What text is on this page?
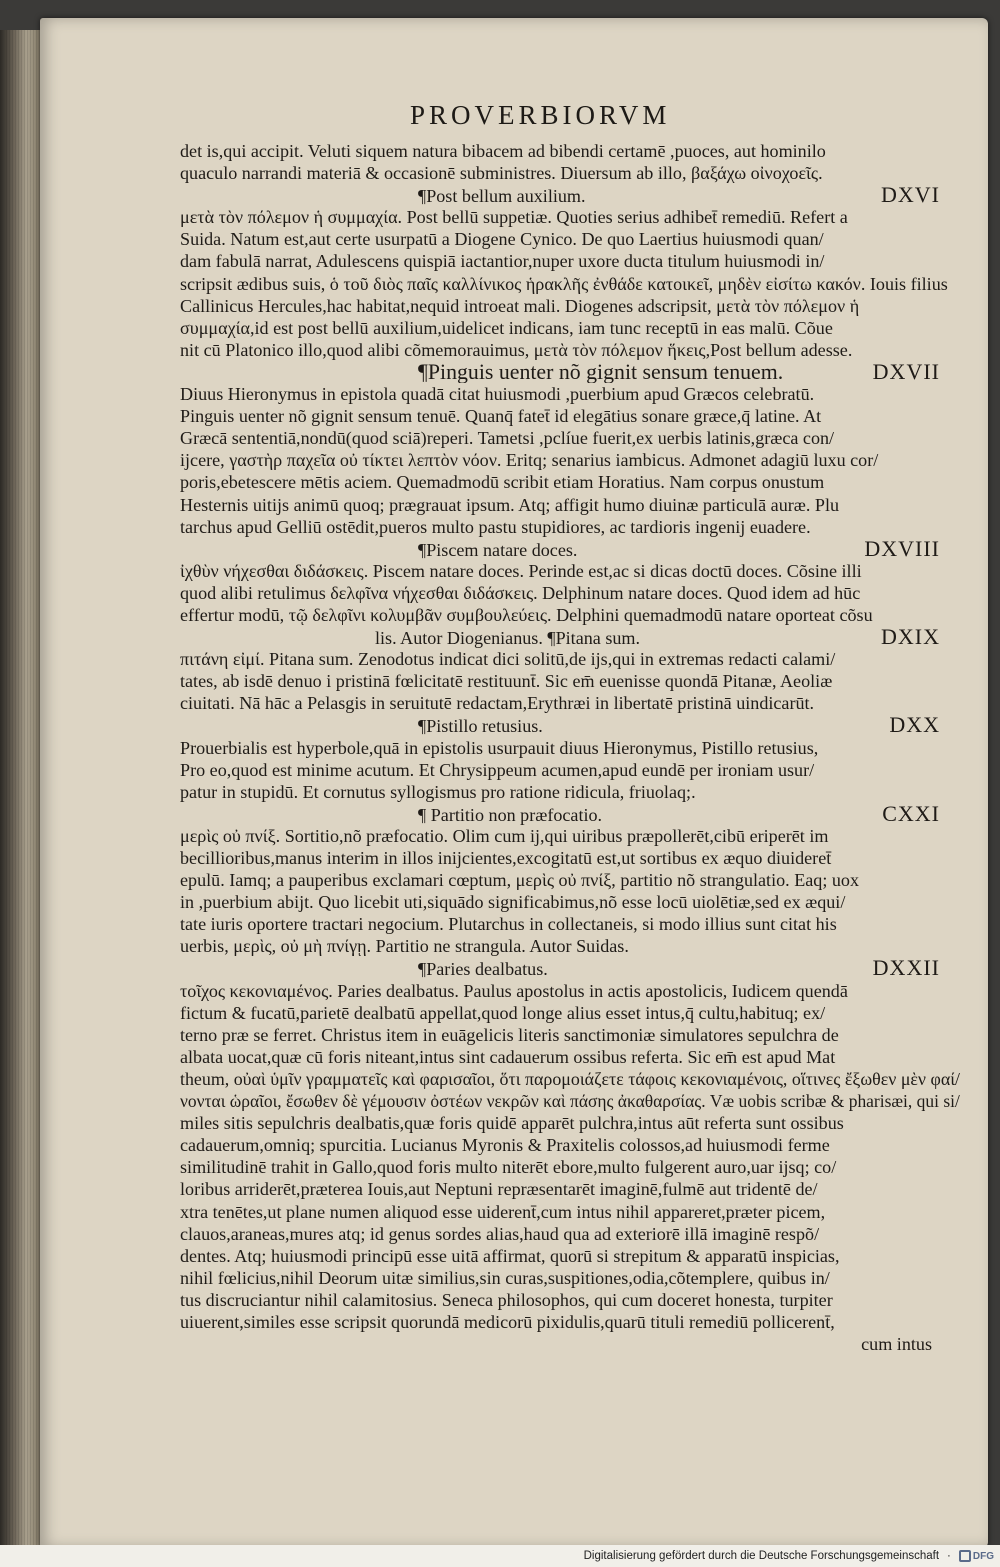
PROVERBIORVM
det is,qui accipit. Veluti siquem natura bibacem ad bibendi certamē ,puoces, aut hominilo
quaculo narrandi materiā & occasionē subministres. Diuersum ab illo, βαξάχω οἰνοχοεῖς.
¶Post bellum auxilium.	DXVI
μετὰ τὸν πόλεμον ἡ συμμαχία. Post bellū suppetiæ. Quoties serius adhibet̄ remediū. Refert a
Suida. Natum est,aut certe usurpatū a Diogene Cynico. De quo Laertius huiusmodi quan/
dam fabulā narrat, Adulescens quispiā iactantior,nuper uxore ducta titulum huiusmodi in/
scripsit ædibus suis, ὁ τοῦ διὸς παῖς καλλίνικος ἡρακλῆς ἐνθάδε κατοικεῖ, μηδὲν εἰσίτω κακόν. Iouis filius
Callinicus Hercules,hac habitat,nequid introeat mali. Diogenes adscripsit, μετὰ τὸν πόλεμον ἡ
συμμαχία,id est post bellū auxilium,uidelicet indicans, iam tunc receptū in eas malū. Cõue
nit cū Platonico illo,quod alibi cõmemorauimus, μετὰ τὸν πόλεμον ἥκεις,Post bellum adesse.
¶Pinguis uenter nõ gignit sensum tenuem.	DXVII
Diuus Hieronymus in epistola quadā citat huiusmodi ,puerbium apud Græcos celebratū.
Pinguis uenter nõ gignit sensum tenuē. Quanq̄ fatet̄ id elegātius sonare græce,q̄ latine. At
Græcā sententiā,nondū(quod sciā)reperi. Tametsi ,pclíue fuerit,ex uerbis latinis,græca con/
ijcere, γαστὴρ παχεῖα οὐ τίκτει λεπτὸν νόον. Eritq; senarius iambicus. Admonet adagiū luxu cor/
poris,ebetescere mētis aciem. Quemadmodū scribit etiam Horatius. Nam corpus onustum
Hesternis uitijs animū quoq; prægrauat ipsum. Atq; affigit humo diuinæ particulā auræ. Plu
tarchus apud Gelliū ostēdit,pueros multo pastu stupidiores, ac tardioris ingenij euadere.
¶Piscem natare doces.	DXVIII
ἰχθὺν νήχεσθαι διδάσκεις. Piscem natare doces. Perinde est,ac si dicas doctū doces. Cõsine illi
quod alibi retulimus δελφῖνα νήχεσθαι διδάσκεις. Delphinum natare doces. Quod idem ad hūc
effertur modū, τῷ δελφῖνι κολυμβᾶν συμβουλεύεις. Delphini quemadmodū natare oporteat cõsu
lis. Autor Diogenianus. ¶Pitana sum.	DXIX
πιτάνη εἰμί. Pitana sum. Zenodotus indicat dici solitū,de ijs,qui in extremas redacti calami/
tates, ab isdē denuo i pristinā fœlicitatē restituunt̄. Sic em̄ euenisse quondā Pitanæ, Aeoliæ
ciuitati. Nā hāc a Pelasgis in seruitutē redactam,Erythræi in libertatē pristinā uindicarūt.
¶Pistillo retusius.	DXX
Prouerbialis est hyperbole,quā in epistolis usurpauit diuus Hieronymus, Pistillo retusius,
Pro eo,quod est minime acutum. Et Chrysippeum acumen,apud eundē per ironiam usur/
patur in stupidū. Et cornutus syllogismus pro ratione ridicula, friuolaq;.
¶ Partitio non præfocatio.	CXXI
μερὶς οὐ πνίξ. Sortitio,nõ præfocatio. Olim cum ij,qui uiribus præpollerēt,cibū eriperēt im
becillioribus,manus interim in illos inijcientes,excogitatū est,ut sortibus ex æquo diuideret̄
epulū. Iamq; a pauperibus exclamari cœptum, μερὶς οὐ πνίξ, partitio nõ strangulatio. Eaq; uox
in ,puerbium abijt. Quo licebit uti,siquādo significabimus,nõ esse locū uiolētiæ,sed ex æqui/
tate iuris oportere tractari negocium. Plutarchus in collectaneis, si modo illius sunt citat his
uerbis, μερὶς, οὐ μὴ πνίγῃ. Partitio ne strangula. Autor Suidas.
¶Paries dealbatus.	DXXII
τοῖχος κεκονιαμένος. Paries dealbatus. Paulus apostolus in actis apostolicis, Iudicem quendā
fictum & fucatū,parietē dealbatū appellat,quod longe alius esset intus,q̄ cultu,habituq; ex/
terno præ se ferret. Christus item in euāgelicis literis sanctimoniæ simulatores sepulchra de
albata uocat,quæ cū foris niteant,intus sint cadauerum ossibus referta. Sic em̄ est apud Mat
theum, οὐαὶ ὑμῖν γραμματεῖς καὶ φαρισαῖοι, ὅτι παρομοιάζετε τάφοις κεκονιαμένοις, οἵτινες ἔξωθεν μὲν φαί/
νονται ὡραῖοι, ἔσωθεν δὲ γέμουσιν ὀστέων νεκρῶν καὶ πάσης ἀκαθαρσίας. Væ uobis scribæ & pharisæi, qui si/
miles sitis sepulchris dealbatis,quæ foris quidē apparēt pulchra,intus aūt referta sunt ossibus
cadauerum,omniq; spurcitia. Lucianus Myronis & Praxitelis colossos,ad huiusmodi ferme
similitudinē trahit in Gallo,quod foris multo niterēt ebore,multo fulgerent auro,uar ijsq; co/
loribus arriderēt,præterea Iouis,aut Neptuni repræsentarēt imaginē,fulmē aut tridentē de/
xtra tenētes,ut plane numen aliquod esse uiderent̄,cum intus nihil appareret,præter picem,
clauos,araneas,mures atq; id genus sordes alias,haud qua ad exteriorē illā imaginē respõ/
dentes. Atq; huiusmodi principū esse uitā affirmat, quorū si strepitum & apparatū inspicias,
nihil fœlicius,nihil Deorum uitæ similius,sin curas,suspitiones,odia,cõtemplere, quibus in/
tus discruciantur nihil calamitosius. Seneca philosophos, qui cum doceret honesta, turpiter
uiuerent,similes esse scripsit quorundā medicorū pixidulis,quarū tituli remediū pollicerent̄,
cum intus
Digitalisierung gefördert durch die Deutsche Forschungsgemeinschaft · DFG
